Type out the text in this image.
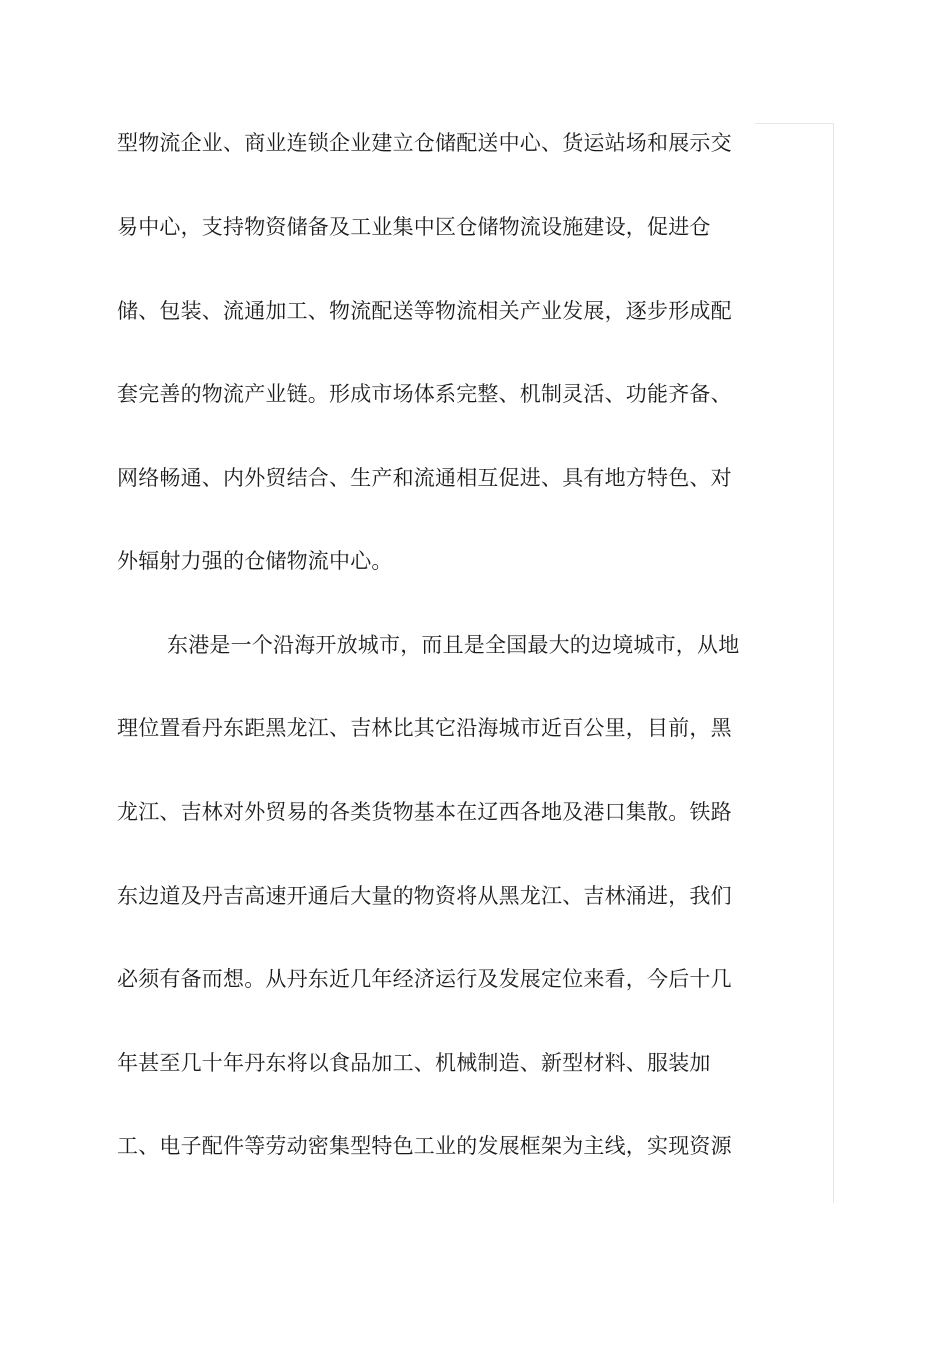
型物流企业、商业连锁企业建立仓储配送中心、货运站场和展示交
易中心，支持物资储备及工业集中区仓储物流设施建设，促进仓
储、包装、流通加工、物流配送等物流相关产业发展，逐步形成配
套完善的物流产业链。形成市场体系完整、机制灵活、功能齐备、
网络畅通、内外贸结合、生产和流通相互促进、具有地方特色、对
外辐射力强的仓储物流中心。
东港是一个沿海开放城市，而且是全国最大的边境城市，从地
理位置看丹东距黑龙江、吉林比其它沿海城市近百公里，目前，黑
龙江、吉林对外贸易的各类货物基本在辽西各地及港口集散。铁路
东边道及丹吉高速开通后大量的物资将从黑龙江、吉林涌进，我们
必须有备而想。从丹东近几年经济运行及发展定位来看，今后十几
年甚至几十年丹东将以食品加工、机械制造、新型材料、服装加
工、电子配件等劳动密集型特色工业的发展框架为主线，实现资源
